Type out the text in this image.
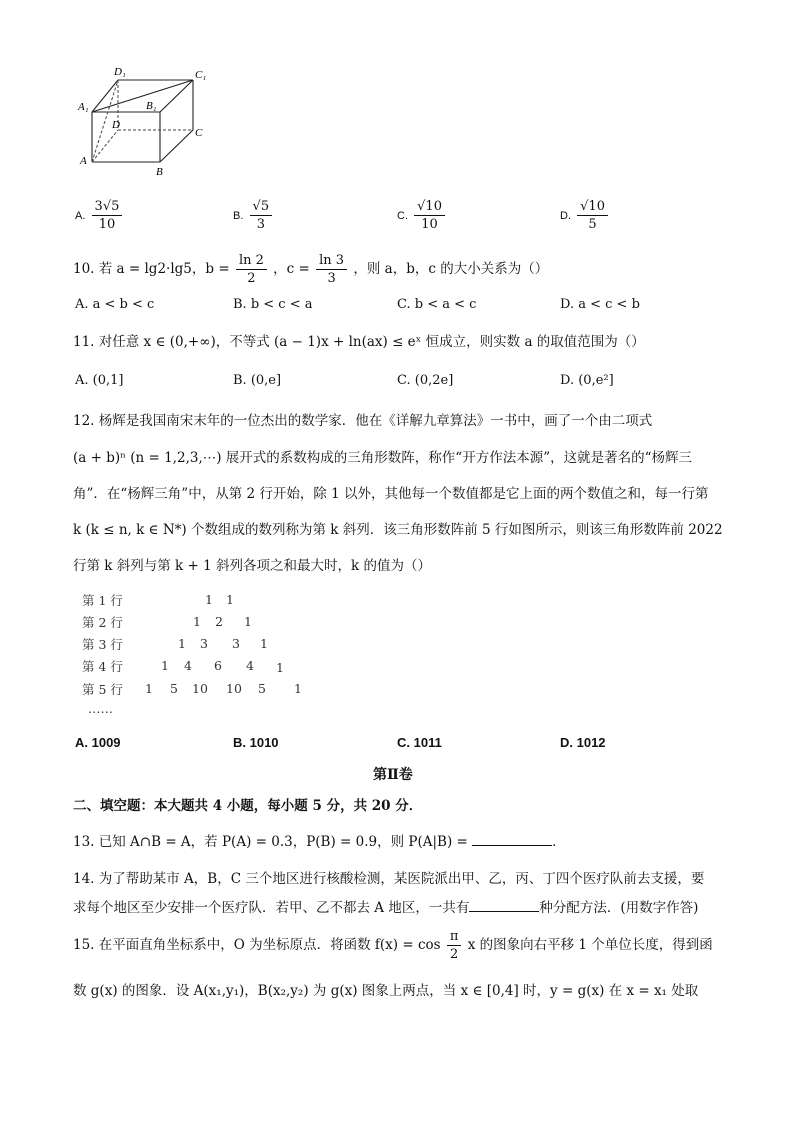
D₁	C₁
A₁	B₁
D
C
A
B
A. $\frac{3√5}{10}$	B. $\frac{√5}{3}$	C. $\frac{√10}{10}$	D. $\frac{√10}{5}$
10. 若 a = lg2·lg5，$b = \frac{\ln 2}{2}$ ，$c = \frac{\ln 3}{3}$ ，则 a，b，c 的大小关系为（）
A. a < b < c	B. b < c < a	C. b < a < c	D. a < c < b
11. 对任意 x ∈ (0,+∞)，不等式 (a − 1)x + ln(ax) ≤ eˣ 恒成立，则实数 a 的取值范围为（）
A. (0,1]	B. (0,e]	C. (0,2e]	D. (0,e²]
12. 杨辉是我国南宋末年的一位杰出的数学家．他在《详解九章算法》一书中，画了一个由二项式
(a + b)ⁿ (n = 1,2,3,⋯) 展开式的系数构成的三角形数阵，称作“开方作法本源”，这就是著名的“杨辉三
角”．在“杨辉三角”中，从第 2 行开始，除 1 以外，其他每一个数值都是它上面的两个数值之和，每一行第
k (k ≤ n, k ∈ N*) 个数组成的数列称为第 k 斜列．该三角形数阵前 5 行如图所示，则该三角形数阵前 2022
行第 k 斜列与第 k + 1 斜列各项之和最大时，k 的值为（）
第 1 行	1 1
第 2 行	1 2 1
第 3 行	1 3 3 1
第 4 行	1 4 6 4 1
第 5 行 1 5 10 10 5 1
……
A. 1009	B. 1010	C. 1011	D. 1012
第Ⅱ卷
二、填空题：本大题共 4 小题，每小题 5 分，共 20 分．
13. 已知 A∩B = A，若 P(A) = 0.3，P(B) = 0.9，则 P(A|B) =	．
14. 为了帮助某市 A，B，C 三个地区进行核酸检测，某医院派出甲、乙，丙、丁四个医疗队前去支援，要
求每个地区至少安排一个医疗队．若甲、乙不都去 A 地区，一共有	种分配方法．(用数字作答)
15. 在平面直角坐标系中，O 为坐标原点．将函数 $f(x) = \cos \frac{\pi}{2}$ x 的图象向右平移 1 个单位长度，得到函
数 g(x) 的图象．设 A(x₁,y₁)，B(x₂,y₂) 为 g(x) 图象上两点，当 x ∈ [0,4] 时，y = g(x) 在 x = x₁ 处取
